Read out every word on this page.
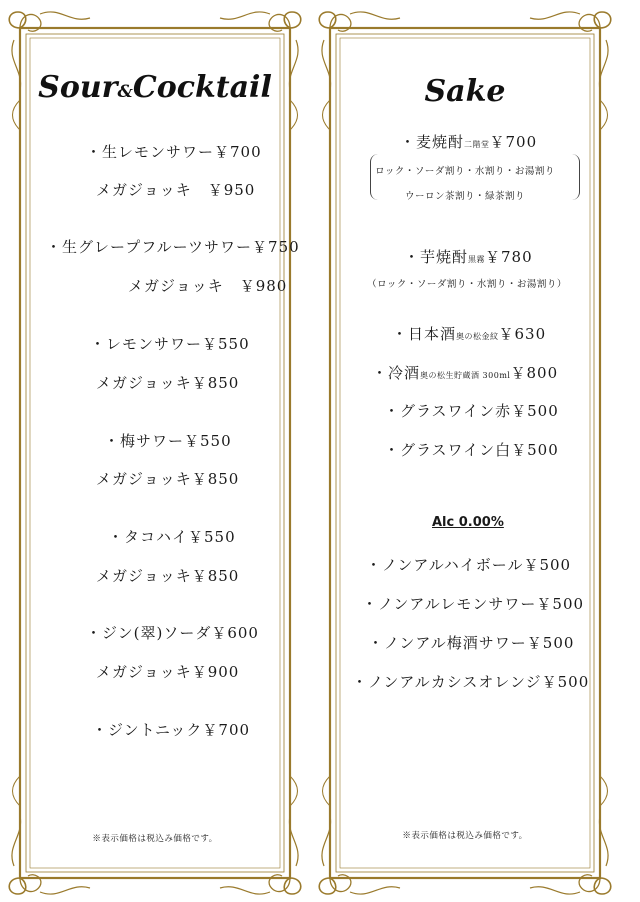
Sour&Cocktail
・生レモンサワー￥700
メガジョッキ　￥950
・生グレープフルーツサワー￥750
メガジョッキ　￥980
・レモンサワー￥550
メガジョッキ￥850
・梅サワー￥550
メガジョッキ￥850
・タコハイ￥550
メガジョッキ￥850
・ジン(翠)ソーダ￥600
メガジョッキ￥900
・ジントニック￥700
※表示価格は税込み価格です。
Sake
・麦焼酎二階堂￥700
ロック・ソーダ割り・水割り・お湯割り
ウーロン茶割り・緑茶割り
・芋焼酎黒霧￥780
（ロック・ソーダ割り・水割り・お湯割り）
・日本酒奥の松金紋￥630
・冷酒奥の松生貯蔵酒 300ml￥800
・グラスワイン赤￥500
・グラスワイン白￥500
Alc 0.00%
・ノンアルハイボール￥500
・ノンアルレモンサワー￥500
・ノンアル梅酒サワー￥500
・ノンアルカシスオレンジ￥500
※表示価格は税込み価格です。
